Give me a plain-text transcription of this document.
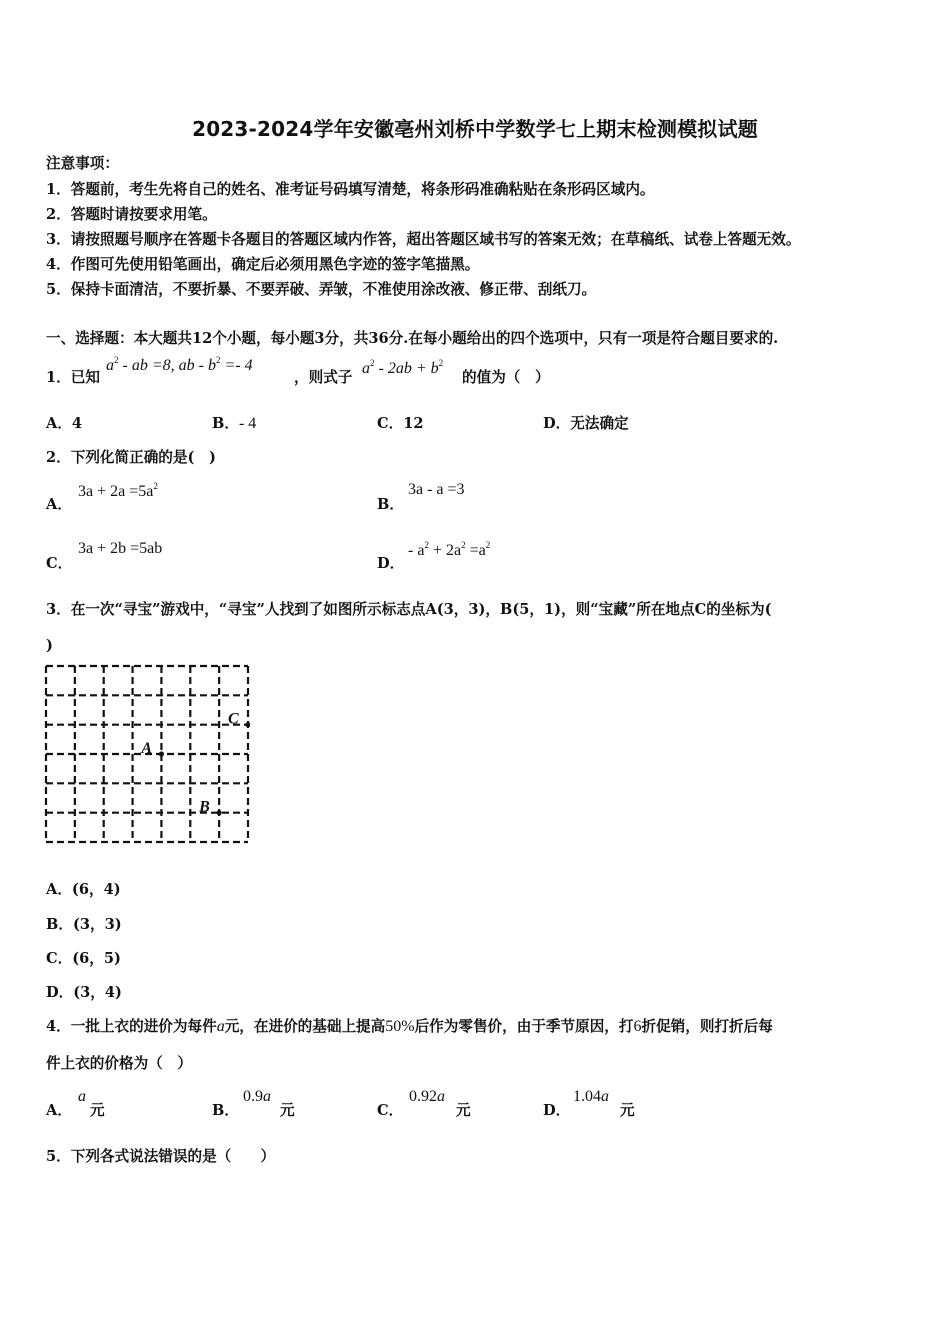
2023-2024学年安徽亳州刘桥中学数学七上期末检测模拟试题
注意事项：
1．答题前，考生先将自己的姓名、准考证号码填写清楚，将条形码准确粘贴在条形码区域内。
2．答题时请按要求用笔。
3．请按照题号顺序在答题卡各题目的答题区域内作答，超出答题区域书写的答案无效；在草稿纸、试卷上答题无效。
4．作图可先使用铅笔画出，确定后必须用黑色字迹的签字笔描黑。
5．保持卡面清洁，不要折暴、不要弄破、弄皱，不准使用涂改液、修正带、刮纸刀。
一、选择题：本大题共12个小题，每小题3分，共36分.在每小题给出的四个选项中，只有一项是符合题目要求的.
1．已知
$a^2$ - ab =8, ab - $b^2 =- 4$
，则式子
$a^2 - 2ab + b^2$
的值为（　）
A．4	B．- 4	C．12	D．无法确定
2．下列化简正确的是(　)
A．
$3a + 2a =5a^2$
B．
3a - a =3
C．
3a + 2b =5ab
D．
- $a^2 + 2a^2 =a^2$
3．在一次“寻宝”游戏中，“寻宝”人找到了如图所示标志点A(3，3)，B(5，1)，则“宝藏”所在地点C的坐标为(
)
A
B
C
A．(6，4)
B．(3，3)
C．(6，5)
D．(3，4)
4．一批上衣的进价为每件a元，在进价的基础上提高50%后作为零售价，由于季节原因，打6折促销，则打折后每
件上衣的价格为（　）
A．
a
元	B．
0.9a
元	C．
0.92a
元	D．
1.04a
元
5．下列各式说法错误的是（　　）
